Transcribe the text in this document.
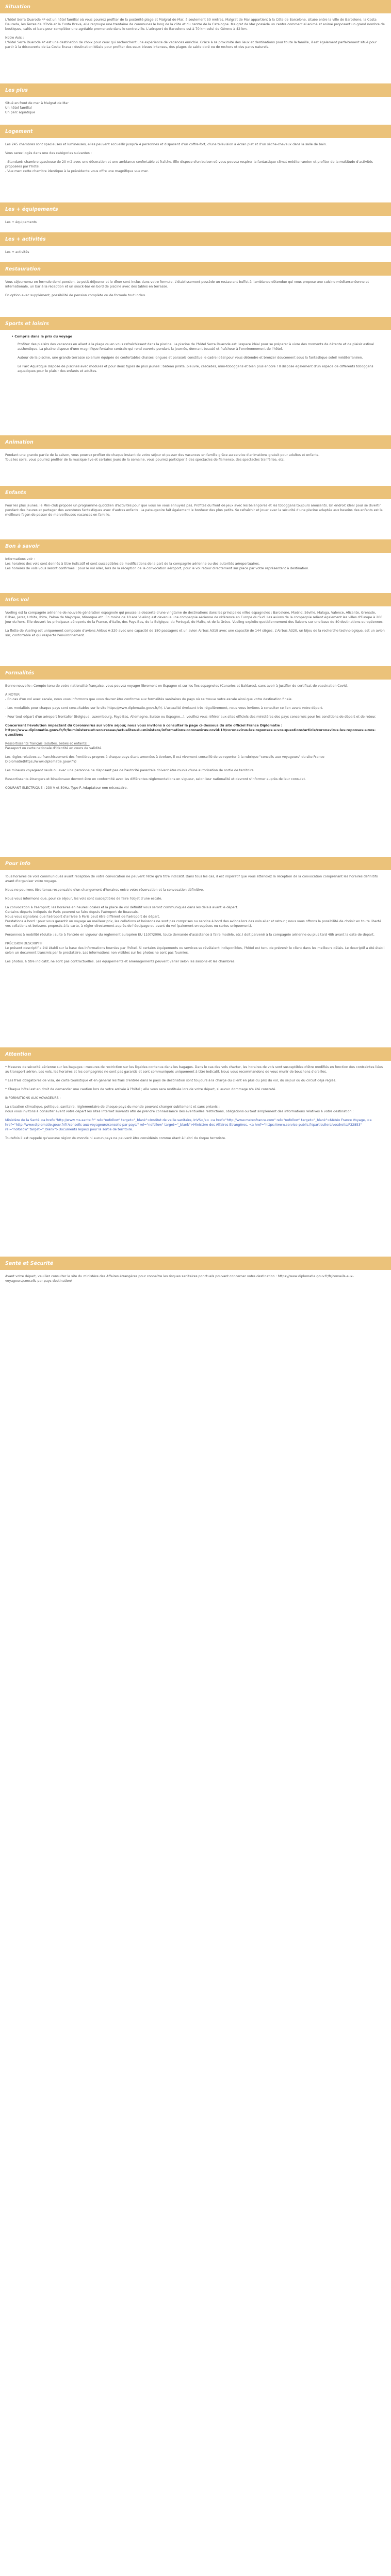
Situation

L'hôtel Serra Duarode 4* est un hôtel familial où vous pourrez profiter de la postérité plage et Malgrat de Mar, à seulement 50 mètres. Malgrat de Mar appartient à la Côte de Barcelone, située entre la ville de Barcelone, la Costa Daurada, les Terres de l'Ebde et la Costa Brava, elle regroupe une trentaine de communes le long de la côte et du centre de la Catalogne. Malgrat de Mar possède un centre commercial animé et animé proposant un grand nombre de boutiques, cafés et bars pour compléter une agréable promenade dans le centre-ville. L'aéroport de Barcelone est à 70 km celui de Gérone à 42 km.

Notre Avis :

L'hôtel Serra Duarode 4* est une destination de choix pour ceux qui recherchent une expérience de vacances enrichie. Grâce à sa proximité des lieux et destinations pour toute la famille, il est également parfaitement situé pour partir à la découverte de La Costa Brava : destination idéale pour profiter des eaux bleues intenses, des plages de sable doré ou de rochers et des parcs naturels.

Les plus
Situé en front de mer à Malgrat de Mar
Un hôtel familial
Un parc aquatique
Logement

Les 245 chambres sont spacieuses et lumineuses, elles peuvent accueillir jusqu'à 4 personnes et disposent d'un coffre-fort, d'une télévision à écran plat et d'un sèche-cheveux dans la salle de bain.

Vous serez logés dans une des catégories suivantes :

- Standard: chambre spacieuse de 20 m2 avec une décoration et une ambiance confortable et fraîche. Elle dispose d'un balcon où vous pouvez respirer la fantastique climat méditerranéen et profiter de la multitude d'activités proposées par l'hôtel.

- Vue mer: cette chambre identique à la précédente vous offre une magnifique vue mer.

Les + équipements

Les + équipements

Les + activités

Les + activités

Restauration

Vous séjournerez en formule demi-pension. Le petit-déjeuner et le dîner sont inclus dans votre formule. L'établissement possède un restaurant buffet à l'ambiance détendue qui vous propose une cuisine méditerranéenne et internationale, un bar à la réception et un snack-bar en bord de piscine avec des tables en terrasse.

En option avec supplément, possibilité de pension complète ou de formule tout inclus.

Sports et loisirs
• Compris dans le prix du voyage

Profitez des plaisirs des vacances en allant à la plage ou en vous rafraîchissant dans la piscine. La piscine de l'hôtel Serra Duarode est l'espace idéal pour se préparer à vivre des moments de détente et de plaisir estival authentique. La piscine dispose d'une magnifique fontaine centrale qui rend ouverte pendant la journée, donnant beauté et fraîcheur à l'environnement de l'hôtel.

Autour de la piscine, une grande terrasse solarium équipée de confortables chaises longues et parasols constitue le cadre idéal pour vous détendre et bronzer doucement sous la fantastique soleil méditerranéen.

Le Parc Aquatique dispose de piscines avec modules et pour deux types de plus jeunes : bateau pirate, pieuvre, cascades, mini-toboggans et bien plus encore ! Il dispose également d'un espace de différents toboggans aquatiques pour le plaisir des enfants et adultes.

Animation

Pendant une grande partie de la saison, vous pourrez profiter de chaque instant de votre séjour et passer des vacances en famille grâce au service d'animations gratuit pour adultes et enfants.

Tous les soirs, vous pourrez profiter de la musique live et certains jours de la semaine, vous pourrez participer à des spectacles de flamenco, des spectacles tranférise, etc.

Enfants

Pour les plus jeunes, le Mini-club propose un programme quotidien d'activités pour que vous ne vous ennuyiez pas. Profitez du front de jeux avec les balançoires et les toboggans toujours amusants. Un endroit idéal pour se divertir pendant des heures et partager des aventures fantastiques avec d'autres enfants. La pataugeoire fait également le bonheur des plus petits. Se rafraîchir et jouer avec la sécurité d'une piscine adaptée aux besoins des enfants est la meilleure façon de passer de merveilleuses vacances en famille.

Bon à savoir

Informations voir :

Les horaires des vols sont donnés à titre indicatif et sont susceptibles de modifications de la part de la compagnie aérienne ou des autorités aéroportuaires.

Les horaires de vols vous seront confirmés : pour le vol aller, lors de la réception de la convocation aéroport, pour le vol retour directement sur place par votre représentant à destination.

Infos vol

Vueling est la compagnie aérienne de nouvelle génération espagnole qui pousse la desserte d'une vingtaine de destinations dans les principales villes espagnoles : Barcelone, Madrid, Séville, Malaga, Valence, Alicante, Grenade, Bilbao, Jerez, Urbita, Ibiza, Palma de Majorque, Minorque etc. En moins de 10 ans Vueling est devenue une compagnie aérienne de référence en Europe du Sud. Les avions de la compagnie relient également les villes d'Europe à 200 jour du hors. Elle dessert les principaux aéroports de la France, d'Italie, des Pays-Bas, de la Belgique, du Portugal, de Malte, et de la Grèce. Vueling exploite quotidiennement des liaisons sur une base de 40 destinations européennes.

La flotte de Vueling est uniquement composée d'avions Airbus A-320 avec une capacité de 180 passagers et un avion Airbus A319 avec une capacité de 144 sièges. L'Airbus A320, un bijou de la recherche technologique, est un avion sûr, confortable et qui respecte l'environnement.

Formalités

Bonne nouvelle : Compte tenu de votre nationalité française, vous pouvez voyager librement en Espagne et sur les îles espagnoles (Canaries et Baléares), sans avoir à justifier de certificat de vaccination Covid.

A NOTER

- En cas d'un vol avec escale, nous vous informons que vous devrez être conforme aux formalités sanitaires du pays où se trouve votre escale ainsi que votre destination finale.

- Les modalités pour chaque pays sont consultables sur le site https://www.diplomatie.gouv.fr/fr/. L'actualité évoluant très régulièrement, nous vous invitons à consulter ce lien avant votre départ.

- Pour tout départ d'un aéroport frontalier (Belgique, Luxembourg, Pays-Bas, Allemagne, Suisse ou Espagne...), veuillez vous référer aux sites officiels des ministères des pays concernés pour les conditions de départ et de retour.

Concernant l'évolution impactant du Coronavirus sur votre séjour, nous vous invitons à consulter la page ci-dessous du site officiel France Diplomatie :

https://www.diplomatie.gouv.fr/fr/le-ministere-et-son-reseau/actualites-du-ministere/informations-coronavirus-covid-19/coronavirus-les-reponses-a-vos-questions/article/coronavirus-les-reponses-a-vos-questions

Ressortissants français (adultes, bébés et enfants) :

Passeport ou carte nationale d'identité en cours de validité.

Les règles relatives au franchissement des frontières propres à chaque pays étant amenées à évoluer, il est vivement conseillé de se reporter à la rubrique "conseils aux voyageurs" du site France Diplomatie(https://www.diplomatie.gouv.fr/)

Les mineurs voyageant seuls ou avec une personne ne disposant pas de l'autorité parentale doivent être munis d'une autorisation de sortie de territoire.

Ressortissants étrangers et binationaux devront être en conformité avec les différentes réglementations en vigueur, selon leur nationalité et devront s'informer auprès de leur consulat.

COURANT ELECTRIQUE : 230 V et 50Hz. Type F. Adaptateur non nécessaire.

Pour info

Tous horaires de vols communiqués avant réception de votre convocation ne peuvent l'être qu'à titre indicatif. Dans tous les cas, il est impératif que vous attendiez la réception de la convocation comprenant les horaires définitifs avant d'organiser votre voyage.

Nous ne pourrons être tenus responsable d'un changement d'horaires entre votre réservation et la convocation définitive.

Nous vous informons que, pour ce séjour, les vols sont susceptibles de faire l'objet d'une escale.

La convocation à l'aéroport, les horaires en heures locales et la place de vol définitif vous seront communiqués dans les délais avant le départ.

Certains départs indiqués de Paris peuvent se faire depuis l'aéroport de Beauvais.

Nous vous signalons que l'aéroport d'arrivée à Paris peut être différent de l'aéroport de départ.

Prestations à bord : pour vous garantir un voyage au meilleur prix, les collations et boissons ne sont pas comprises ou service à bord des avions lors des vols aller et retour ; nous vous offrons la possibilité de choisir en toute liberté vos collations et boissons proposés à la carte, à régler directement auprès de l'équipage ou avant du vol (paiement en espèces ou cartes uniquement).

Personnes à mobilité réduite : suite à l'entrée en vigueur du règlement européen EU 1107/2006, toute demande d'assistance à faire modèle, etc.) doit parvenir à la compagnie aérienne ou plus tard 48h avant la date de départ.

PRÉCISION DESCRIPTIF

Le présent descriptif a été établi sur la base des informations fournies par l'hôtel. Si certains équipements ou services se révélaient indisponibles, l'hôtel est tenu de prévenir le client dans les meilleurs délais. Le descriptif a été établi selon un document transmis par le prestataire. Les informations non visibles sur les photos ne sont pas fournies.

Les photos, à titre indicatif, ne sont pas contractuelles. Les équipements et aménagements peuvent varier selon les saisons et les chambres.

Attention

* Mesures de sécurité aérienne sur les bagages : mesures de restriction sur les liquides contenus dans les bagages. Dans le cas des vols charter, les horaires de vols sont susceptibles d'être modifiés en fonction des contraintes liées au transport aérien. Les vols, les horaires et les compagnies ne sont pas garantis et sont communiqués uniquement à titre indicatif. Nous vous recommandons de vous munir de bouchons d'oreilles.

* Les frais obligatoires de visa, de carte touristique et en général les frais d'entrée dans le pays de destination sont toujours à la charge du client en plus du prix du vol, du séjour ou du circuit déjà réglés.

* Chaque hôtel est en droit de demander une caution lors de votre arrivée à l'hôtel ; elle vous sera restituée lors de votre départ, si aucun dommage n'a été constaté.

INFORMATIONS AUX VOYAGEURS :

La situation climatique, politique, sanitaire, réglementaire de chaque pays du monde pouvant changer subitement et sans préavis :

nous vous invitons à consulter avant votre départ les sites Internet suivants afin de prendre connaissance des éventuelles restrictions, obligations ou tout simplement des informations relatives à votre destination :

Ministère de la Santé <a href="http://www.ms-sante.fr" rel="nofollow" target="_blank">Institut de veille sanitaire, InVS</a> <a href="http://www.meteofrance.com" rel="nofollow" target="_blank">Météo France Voyage, <a href="http://www.diplomatie.gouv.fr/fr/conseils-aux-voyageurs/conseils-par-pays/" rel="nofollow" target="_blank">Ministère des Affaires Etrangères, <a href="https://www.service-public.fr/particuliers/vosdroits/F32853" rel="nofollow" target="_blank">Documents légaux pour la sortie de territoire.

Toutefois il est rappelé qu'aucune région du monde ni aucun pays ne peuvent être considérés comme étant à l'abri du risque terroriste.

Santé et Sécurité

Avant votre départ, veuillez consulter le site du ministère des Affaires étrangères pour connaître les risques sanitaires ponctuels pouvant concerner votre destination : https://www.diplomatie.gouv.fr/fr/conseils-aux-voyageurs/conseils-par-pays-destination/
